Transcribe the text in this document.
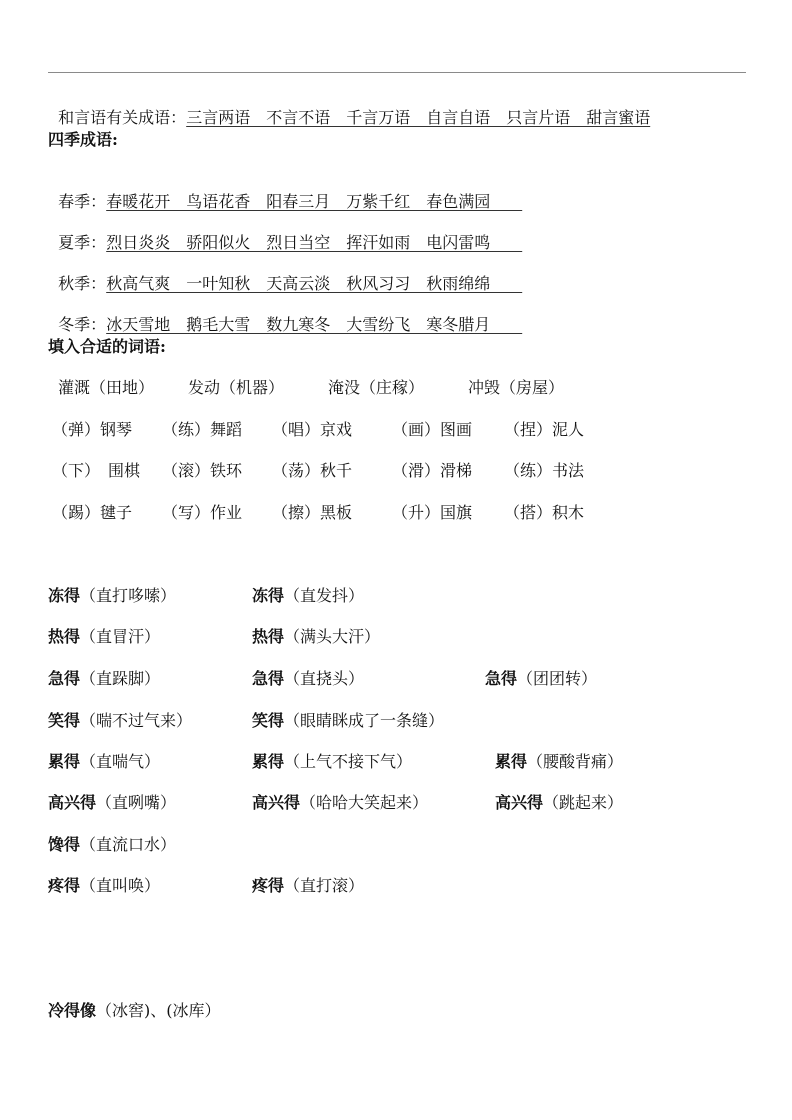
和言语有关成语：三言两语　不言不语　千言万语　自言自语　只言片语　甜言蜜语

四季成语:

春季：春暖花开　鸟语花香　阳春三月　万紫千红　春色满园　　

夏季：烈日炎炎　骄阳似火　烈日当空　挥汗如雨　电闪雷鸣　　

秋季：秋高气爽　一叶知秋　天高云淡　秋风习习　秋雨绵绵　　

冬季：冰天雪地　鹅毛大雪　数九寒冬　大雪纷飞　寒冬腊月　　

填入合适的词语:
灌溉（田地） 发动（机器）	淹没（庄稼）	冲毁（房屋）
（弹）钢琴 （练）舞蹈 （唱）京戏 （画）图画 （捏）泥人
（下）　围棋 （滚）铁环 （荡）秋千 （滑）滑梯 （练）书法
（踢）毽子 （写）作业 （擦）黑板 （升）国旗 （搭）积木
冻得（直打哆嗦）	冻得（直发抖）
热得（直冒汗）	热得（满头大汗）
急得（直跺脚）	急得（直挠头）	急得（团团转）
笑得（喘不过气来）	笑得（眼睛眯成了一条缝）
累得（直喘气）	累得（上气不接下气）	累得（腰酸背痛）
高兴得（直咧嘴）	高兴得（哈哈大笑起来）	高兴得（跳起来）
馋得（直流口水）
疼得（直叫唤）	疼得（直打滚）
冷得像（冰窖)、(冰库）
